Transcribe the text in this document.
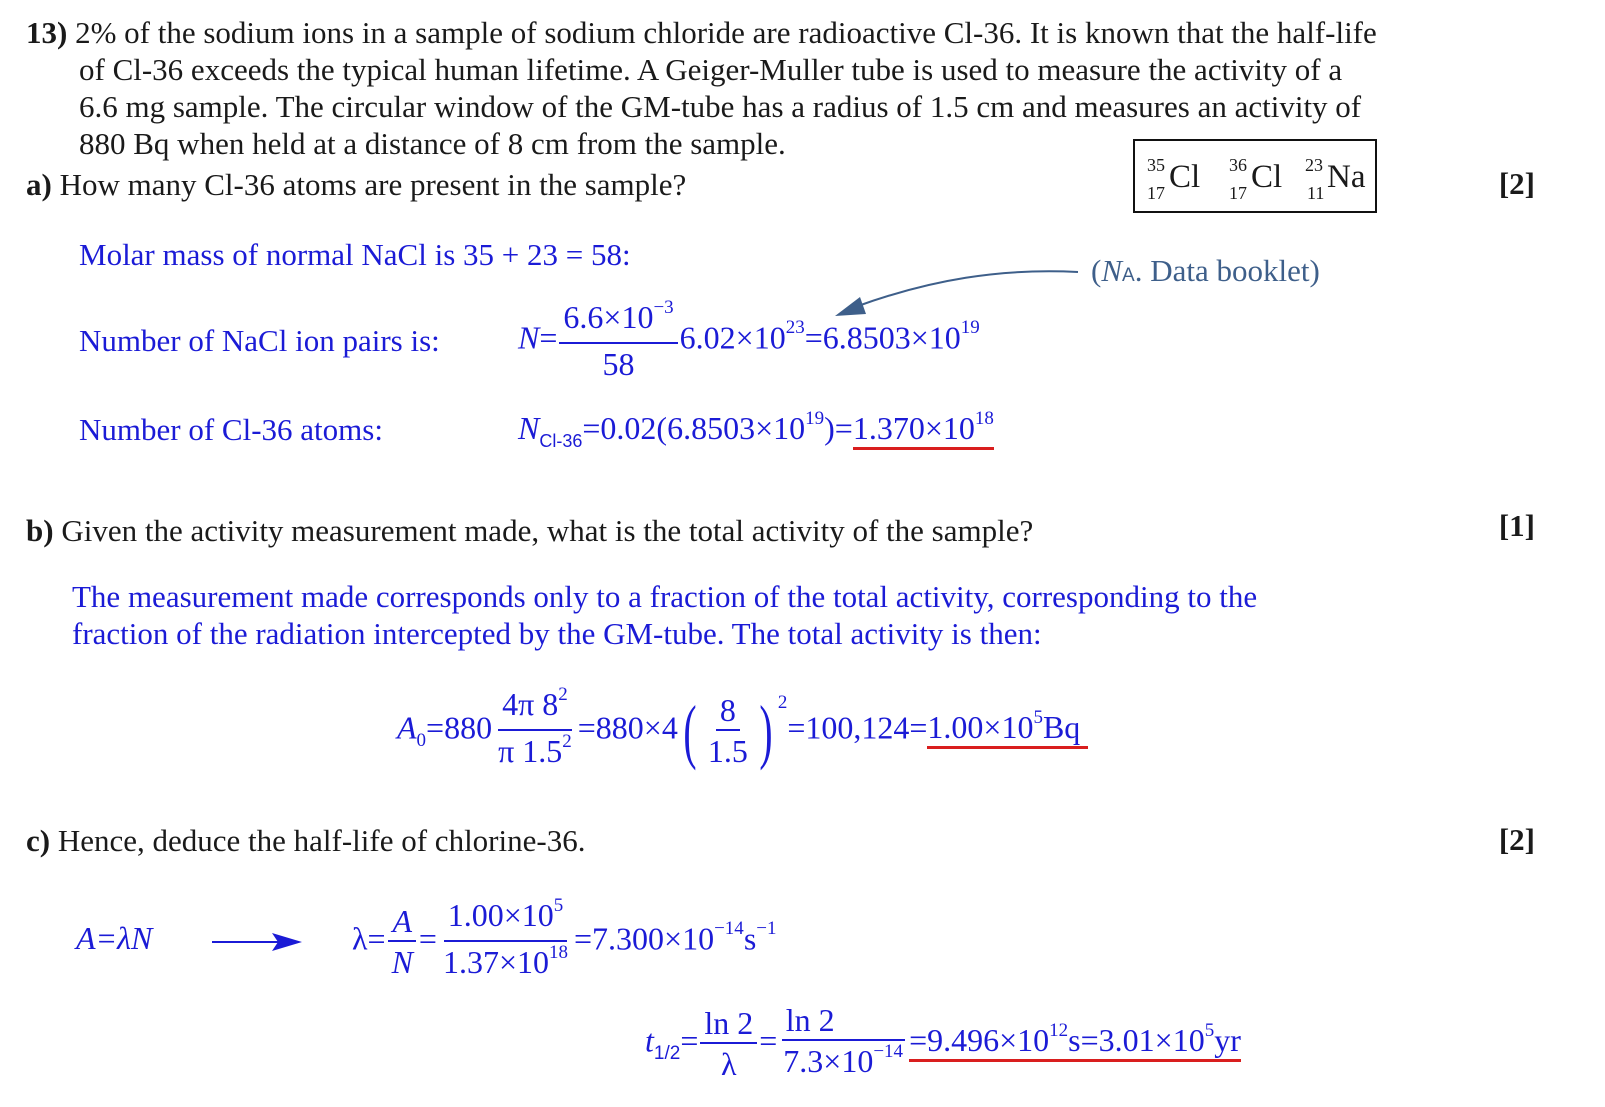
13) 2% of the sodium ions in a sample of sodium chloride are radioactive Cl-36. It is known that the half-life
of Cl-36 exceeds the typical human lifetime. A Geiger-Muller tube is used to measure the activity of a
6.6 mg sample. The circular window of the GM-tube has a radius of 1.5 cm and measures an activity of
880 Bq when held at a distance of 8 cm from the sample.
35
17 Cl 36
17 Cl 23
11 Na
a) How many Cl-36 atoms are present in the sample?	[2]
Molar mass of normal NaCl is 35 + 23 = 58:	(NA. Data booklet)
Number of NaCl ion pairs is: $N= \frac{6.6\times 10^{-3}}{58} 6.02\times 10^{23}=6.8503\times 10^{19}$
Number of Cl-36 atoms:	$N_{Cl-36}=0.02(6.8503\times 10^{19})=1.370\times 10^{18}$
b) Given the activity measurement made, what is the total activity of the sample?	[1]
The measurement made corresponds only to a fraction of the total activity, corresponding to the
fraction of the radiation intercepted by the GM-tube. The total activity is then:
$A_0=880 \frac{4\pi 8^2}{\pi 1.5^2} =880\times 4( \frac{8}{1.5}$ ) $^2=100,124=1.00\times 10^5Bq$
c) Hence, deduce the half-life of chlorine-36.	[2]
A=λN	$\lambda= \frac{A}{N} = \frac{1.00\times 10^5}{1.37\times 10^{18}} =7.300\times 10^{-14}s^{-1}$
$t_{1/2}= \frac{\ln 2}{\lambda} = \frac{\ln 2}{7.3\times 10^{-14}} =9.496\times 10^{12}s=3.01\times 10^5yr$
